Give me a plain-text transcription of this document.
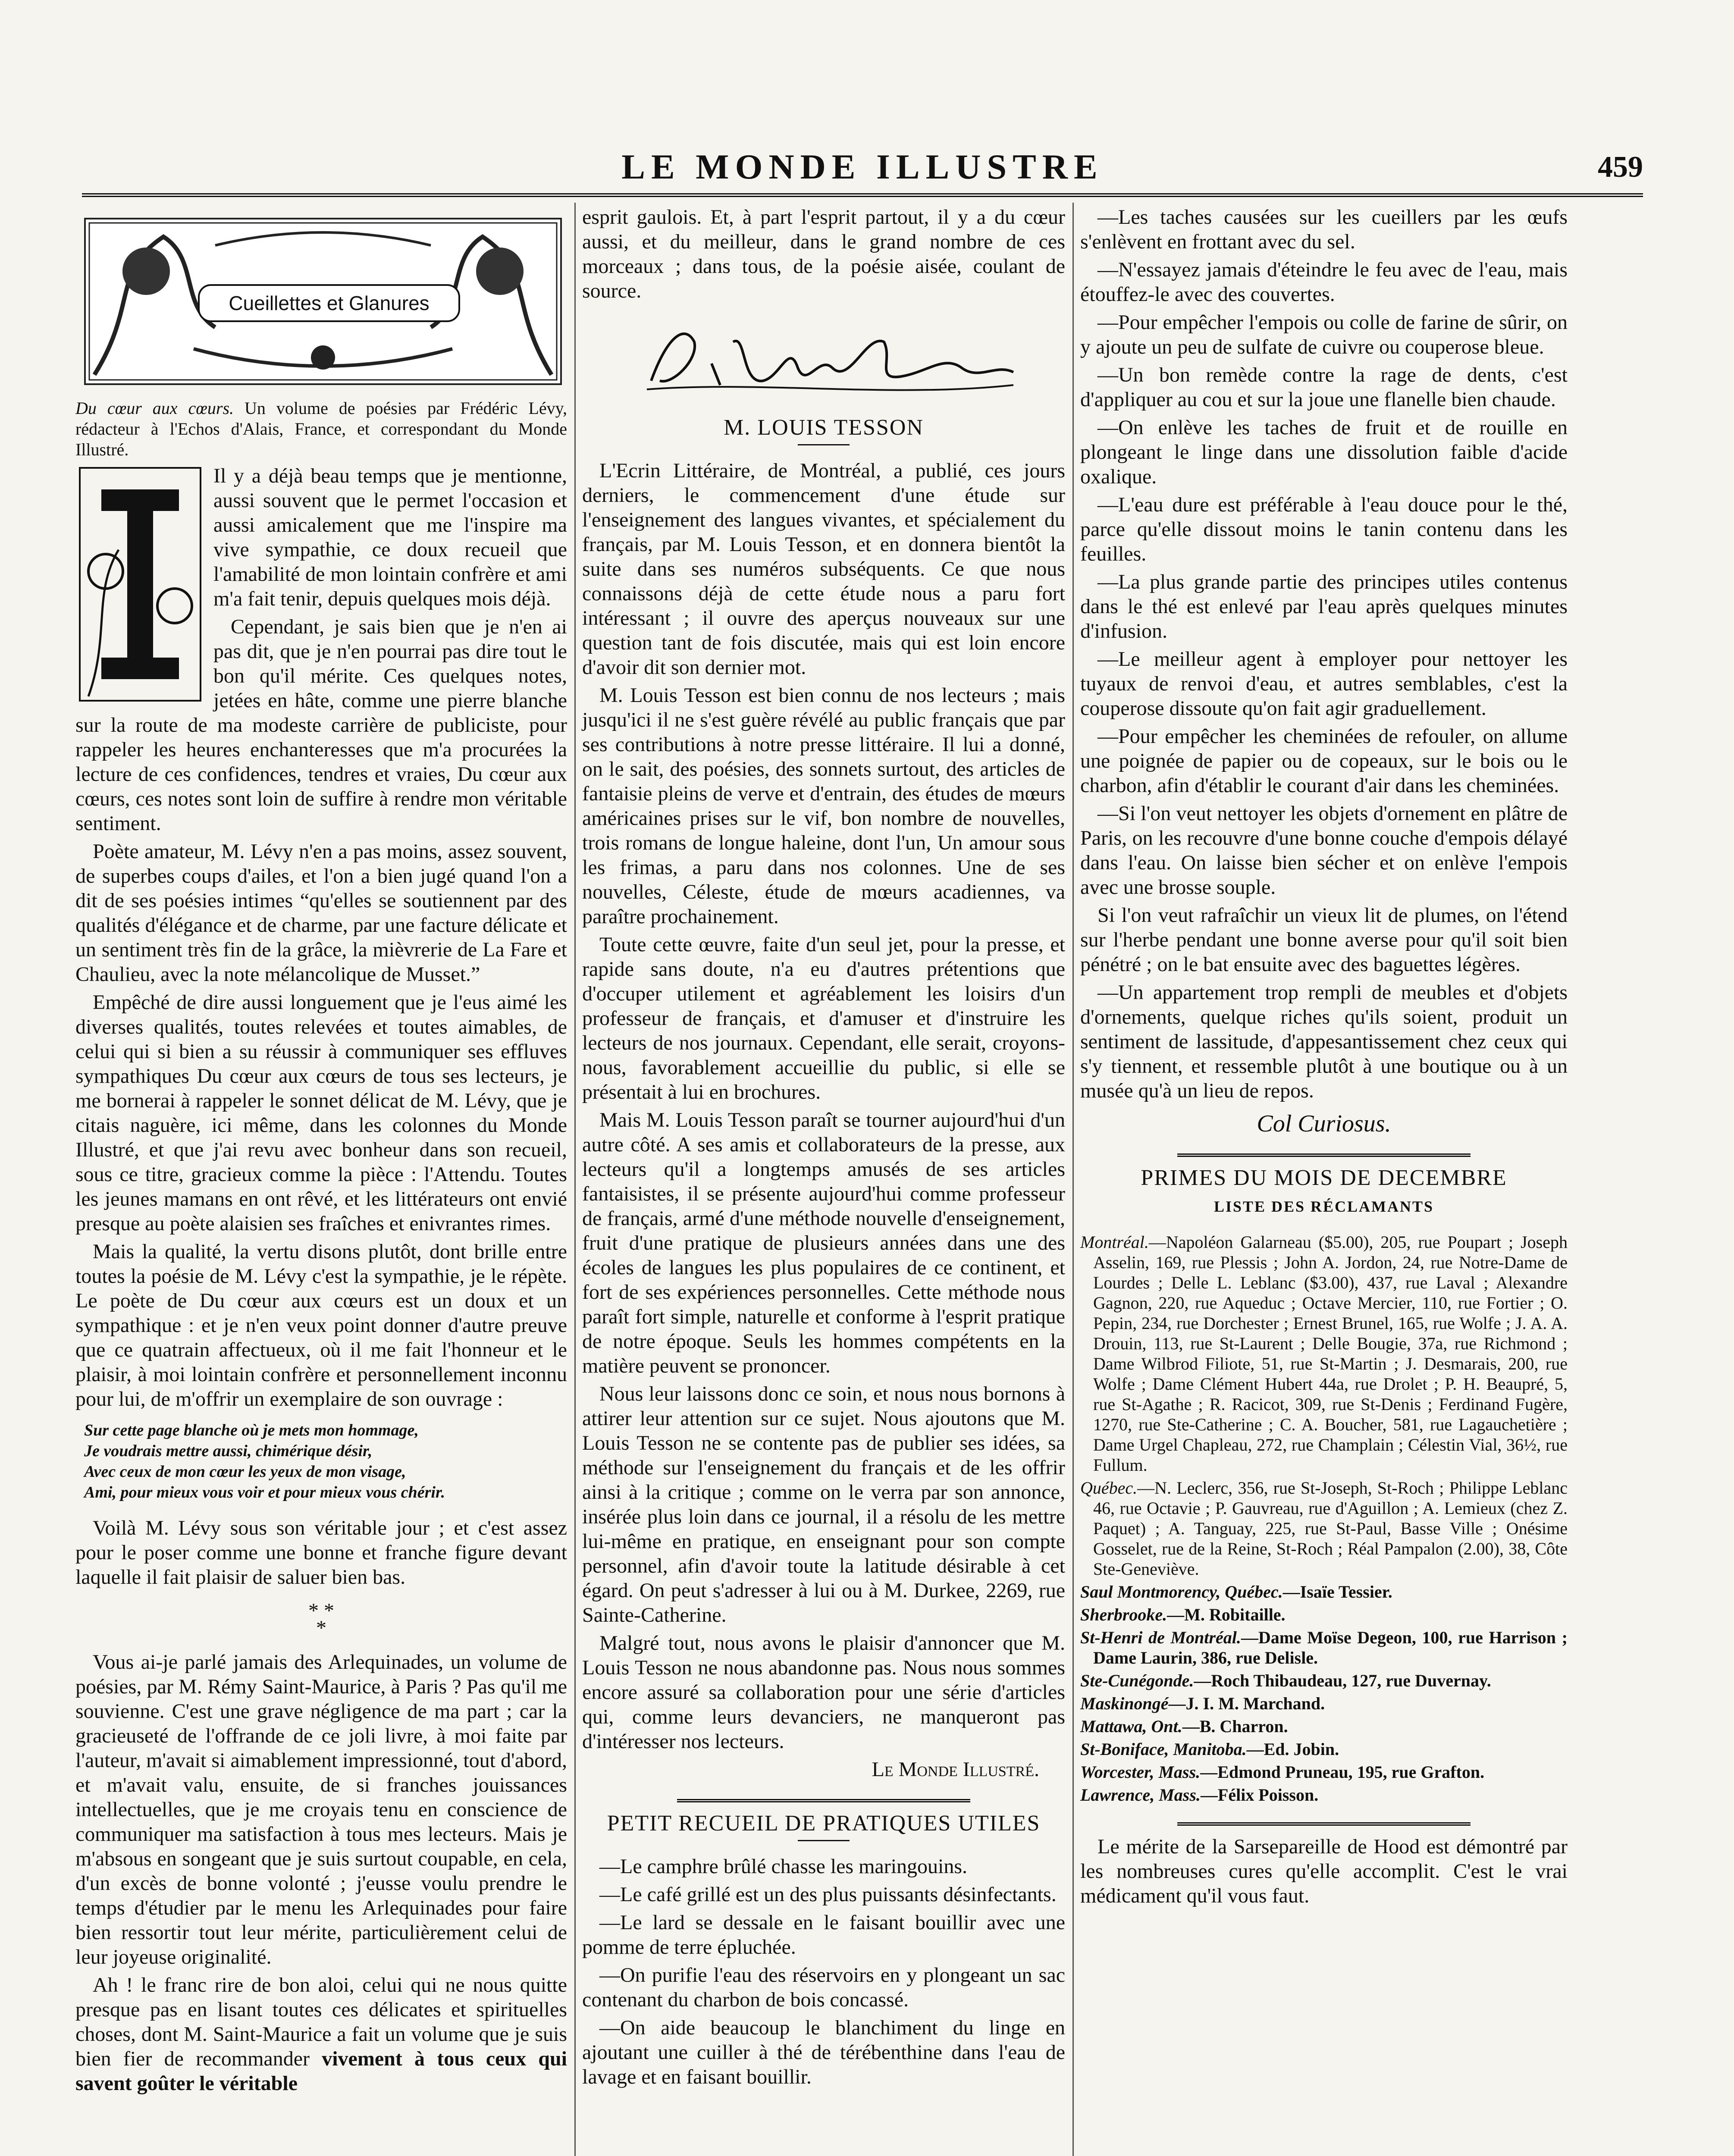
LE MONDE ILLUSTRE	459
Cueillettes et Glanures

Du cœur aux cœurs. Un volume de poésies par Frédéric Lévy, rédacteur à l'Echos d'Alais, France, et correspondant du Monde Illustré.

Il y a déjà beau temps que je mentionne, aussi souvent que le permet l'occasion et aussi amicalement que me l'inspire ma vive sympathie, ce doux recueil que l'amabilité de mon lointain confrère et ami m'a fait tenir, depuis quelques mois déjà.

Cependant, je sais bien que je n'en ai pas dit, que je n'en pourrai pas dire tout le bon qu'il mérite. Ces quelques notes, jetées en hâte, comme une pierre blanche sur la route de ma modeste carrière de publiciste, pour rappeler les heures enchanteresses que m'a procurées la lecture de ces confidences, tendres et vraies, Du cœur aux cœurs, ces notes sont loin de suffire à rendre mon véritable sentiment.

Poète amateur, M. Lévy n'en a pas moins, assez souvent, de superbes coups d'ailes, et l'on a bien jugé quand l'on a dit de ses poésies intimes “qu'elles se soutiennent par des qualités d'élégance et de charme, par une facture délicate et un sentiment très fin de la grâce, la mièvrerie de La Fare et Chaulieu, avec la note mélancolique de Musset.”

Empêché de dire aussi longuement que je l'eus aimé les diverses qualités, toutes relevées et toutes aimables, de celui qui si bien a su réussir à communiquer ses effluves sympathiques Du cœur aux cœurs de tous ses lecteurs, je me bornerai à rappeler le sonnet délicat de M. Lévy, que je citais naguère, ici même, dans les colonnes du Monde Illustré, et que j'ai revu avec bonheur dans son recueil, sous ce titre, gracieux comme la pièce : l'Attendu. Toutes les jeunes mamans en ont rêvé, et les littérateurs ont envié presque au poète alaisien ses fraîches et enivrantes rimes.

Mais la qualité, la vertu disons plutôt, dont brille entre toutes la poésie de M. Lévy c'est la sympathie, je le répète. Le poète de Du cœur aux cœurs est un doux et un sympathique : et je n'en veux point donner d'autre preuve que ce quatrain affectueux, où il me fait l'honneur et le plaisir, à moi lointain confrère et personnellement inconnu pour lui, de m'offrir un exemplaire de son ouvrage :

Sur cette page blanche où je mets mon hommage,
Je voudrais mettre aussi, chimérique désir,
Avec ceux de mon cœur les yeux de mon visage,
Ami, pour mieux vous voir et pour mieux vous chérir.

Voilà M. Lévy sous son véritable jour ; et c'est assez pour le poser comme une bonne et franche figure devant laquelle il fait plaisir de saluer bien bas.

* *
*

Vous ai-je parlé jamais des Arlequinades, un volume de poésies, par M. Rémy Saint-Maurice, à Paris ? Pas qu'il me souvienne. C'est une grave négligence de ma part ; car la gracieuseté de l'offrande de ce joli livre, à moi faite par l'auteur, m'avait si aimablement impressionné, tout d'abord, et m'avait valu, ensuite, de si franches jouissances intellectuelles, que je me croyais tenu en conscience de communiquer ma satisfaction à tous mes lecteurs. Mais je m'absous en songeant que je suis surtout coupable, en cela, d'un excès de bonne volonté ; j'eusse voulu prendre le temps d'étudier par le menu les Arlequinades pour faire bien ressortir tout leur mérite, particulièrement celui de leur joyeuse originalité.

Ah ! le franc rire de bon aloi, celui qui ne nous quitte presque pas en lisant toutes ces délicates et spirituelles choses, dont M. Saint-Maurice a fait un volume que je suis bien fier de recommander vivement à tous ceux qui savent goûter le véritable

esprit gaulois. Et, à part l'esprit partout, il y a du cœur aussi, et du meilleur, dans le grand nombre de ces morceaux ; dans tous, de la poésie aisée, coulant de source.

M. LOUIS TESSON

L'Ecrin Littéraire, de Montréal, a publié, ces jours derniers, le commencement d'une étude sur l'enseignement des langues vivantes, et spécialement du français, par M. Louis Tesson, et en donnera bientôt la suite dans ses numéros subséquents. Ce que nous connaissons déjà de cette étude nous a paru fort intéressant ; il ouvre des aperçus nouveaux sur une question tant de fois discutée, mais qui est loin encore d'avoir dit son dernier mot.

M. Louis Tesson est bien connu de nos lecteurs ; mais jusqu'ici il ne s'est guère révélé au public français que par ses contributions à notre presse littéraire. Il lui a donné, on le sait, des poésies, des sonnets surtout, des articles de fantaisie pleins de verve et d'entrain, des études de mœurs américaines prises sur le vif, bon nombre de nouvelles, trois romans de longue haleine, dont l'un, Un amour sous les frimas, a paru dans nos colonnes. Une de ses nouvelles, Céleste, étude de mœurs acadiennes, va paraître prochainement.

Toute cette œuvre, faite d'un seul jet, pour la presse, et rapide sans doute, n'a eu d'autres prétentions que d'occuper utilement et agréablement les loisirs d'un professeur de français, et d'amuser et d'instruire les lecteurs de nos journaux. Cependant, elle serait, croyons-nous, favorablement accueillie du public, si elle se présentait à lui en brochures.

Mais M. Louis Tesson paraît se tourner aujourd'hui d'un autre côté. A ses amis et collaborateurs de la presse, aux lecteurs qu'il a longtemps amusés de ses articles fantaisistes, il se présente aujourd'hui comme professeur de français, armé d'une méthode nouvelle d'enseignement, fruit d'une pratique de plusieurs années dans une des écoles de langues les plus populaires de ce continent, et fort de ses expériences personnelles. Cette méthode nous paraît fort simple, naturelle et conforme à l'esprit pratique de notre époque. Seuls les hommes compétents en la matière peuvent se prononcer.

Nous leur laissons donc ce soin, et nous nous bornons à attirer leur attention sur ce sujet. Nous ajoutons que M. Louis Tesson ne se contente pas de publier ses idées, sa méthode sur l'enseignement du français et de les offrir ainsi à la critique ; comme on le verra par son annonce, insérée plus loin dans ce journal, il a résolu de les mettre lui-même en pratique, en enseignant pour son compte personnel, afin d'avoir toute la latitude désirable à cet égard. On peut s'adresser à lui ou à M. Durkee, 2269, rue Sainte-Catherine.

Malgré tout, nous avons le plaisir d'annoncer que M. Louis Tesson ne nous abandonne pas. Nous nous sommes encore assuré sa collaboration pour une série d'articles qui, comme leurs devanciers, ne manqueront pas d'intéresser nos lecteurs.

Le Monde Illustré.
PETIT RECUEIL DE PRATIQUES UTILES

—Le camphre brûlé chasse les maringouins.

—Le café grillé est un des plus puissants désinfectants.

—Le lard se dessale en le faisant bouillir avec une pomme de terre épluchée.

—On purifie l'eau des réservoirs en y plongeant un sac contenant du charbon de bois concassé.

—On aide beaucoup le blanchiment du linge en ajoutant une cuiller à thé de térébenthine dans l'eau de lavage et en faisant bouillir.

—Les taches causées sur les cueillers par les œufs s'enlèvent en frottant avec du sel.

—N'essayez jamais d'éteindre le feu avec de l'eau, mais étouffez-le avec des couvertes.

—Pour empêcher l'empois ou colle de farine de sûrir, on y ajoute un peu de sulfate de cuivre ou couperose bleue.

—Un bon remède contre la rage de dents, c'est d'appliquer au cou et sur la joue une flanelle bien chaude.

—On enlève les taches de fruit et de rouille en plongeant le linge dans une dissolution faible d'acide oxalique.

—L'eau dure est préférable à l'eau douce pour le thé, parce qu'elle dissout moins le tanin contenu dans les feuilles.

—La plus grande partie des principes utiles contenus dans le thé est enlevé par l'eau après quelques minutes d'infusion.

—Le meilleur agent à employer pour nettoyer les tuyaux de renvoi d'eau, et autres semblables, c'est la couperose dissoute qu'on fait agir graduellement.

—Pour empêcher les cheminées de refouler, on allume une poignée de papier ou de copeaux, sur le bois ou le charbon, afin d'établir le courant d'air dans les cheminées.

—Si l'on veut nettoyer les objets d'ornement en plâtre de Paris, on les recouvre d'une bonne couche d'empois délayé dans l'eau. On laisse bien sécher et on enlève l'empois avec une brosse souple.

Si l'on veut rafraîchir un vieux lit de plumes, on l'étend sur l'herbe pendant une bonne averse pour qu'il soit bien pénétré ; on le bat ensuite avec des baguettes légères.

—Un appartement trop rempli de meubles et d'objets d'ornements, quelque riches qu'ils soient, produit un sentiment de lassitude, d'appesantissement chez ceux qui s'y tiennent, et ressemble plutôt à une boutique ou à un musée qu'à un lieu de repos.

Col Curiosus.
PRIMES DU MOIS DE DECEMBRE
LISTE DES RÉCLAMANTS

Montréal.—Napoléon Galarneau ($5.00), 205, rue Poupart ; Joseph Asselin, 169, rue Plessis ; John A. Jordon, 24, rue Notre-Dame de Lourdes ; Delle L. Leblanc ($3.00), 437, rue Laval ; Alexandre Gagnon, 220, rue Aqueduc ; Octave Mercier, 110, rue Fortier ; O. Pepin, 234, rue Dorchester ; Ernest Brunel, 165, rue Wolfe ; J. A. A. Drouin, 113, rue St-Laurent ; Delle Bougie, 37a, rue Richmond ; Dame Wilbrod Filiote, 51, rue St-Martin ; J. Desmarais, 200, rue Wolfe ; Dame Clément Hubert 44a, rue Drolet ; P. H. Beaupré, 5, rue St-Agathe ; R. Racicot, 309, rue St-Denis ; Ferdinand Fugère, 1270, rue Ste-Catherine ; C. A. Boucher, 581, rue Lagauchetière ; Dame Urgel Chapleau, 272, rue Champlain ; Célestin Vial, 36½, rue Fullum.

Québec.—N. Leclerc, 356, rue St-Joseph, St-Roch ; Philippe Leblanc 46, rue Octavie ; P. Gauvreau, rue d'Aguillon ; A. Lemieux (chez Z. Paquet) ; A. Tanguay, 225, rue St-Paul, Basse Ville ; Onésime Gosselet, rue de la Reine, St-Roch ; Réal Pampalon (2.00), 38, Côte Ste-Geneviève.

Saul Montmorency, Québec.—Isaïe Tessier.

Sherbrooke.—M. Robitaille.

St-Henri de Montréal.—Dame Moïse Degeon, 100, rue Harrison ; Dame Laurin, 386, rue Delisle.

Ste-Cunégonde.—Roch Thibaudeau, 127, rue Duvernay.

Maskinongé—J. I. M. Marchand.

Mattawa, Ont.—B. Charron.

St-Boniface, Manitoba.—Ed. Jobin.

Worcester, Mass.—Edmond Pruneau, 195, rue Grafton.

Lawrence, Mass.—Félix Poisson.

Le mérite de la Sarsepareille de Hood est démontré par les nombreuses cures qu'elle accomplit. C'est le vrai médicament qu'il vous faut.
